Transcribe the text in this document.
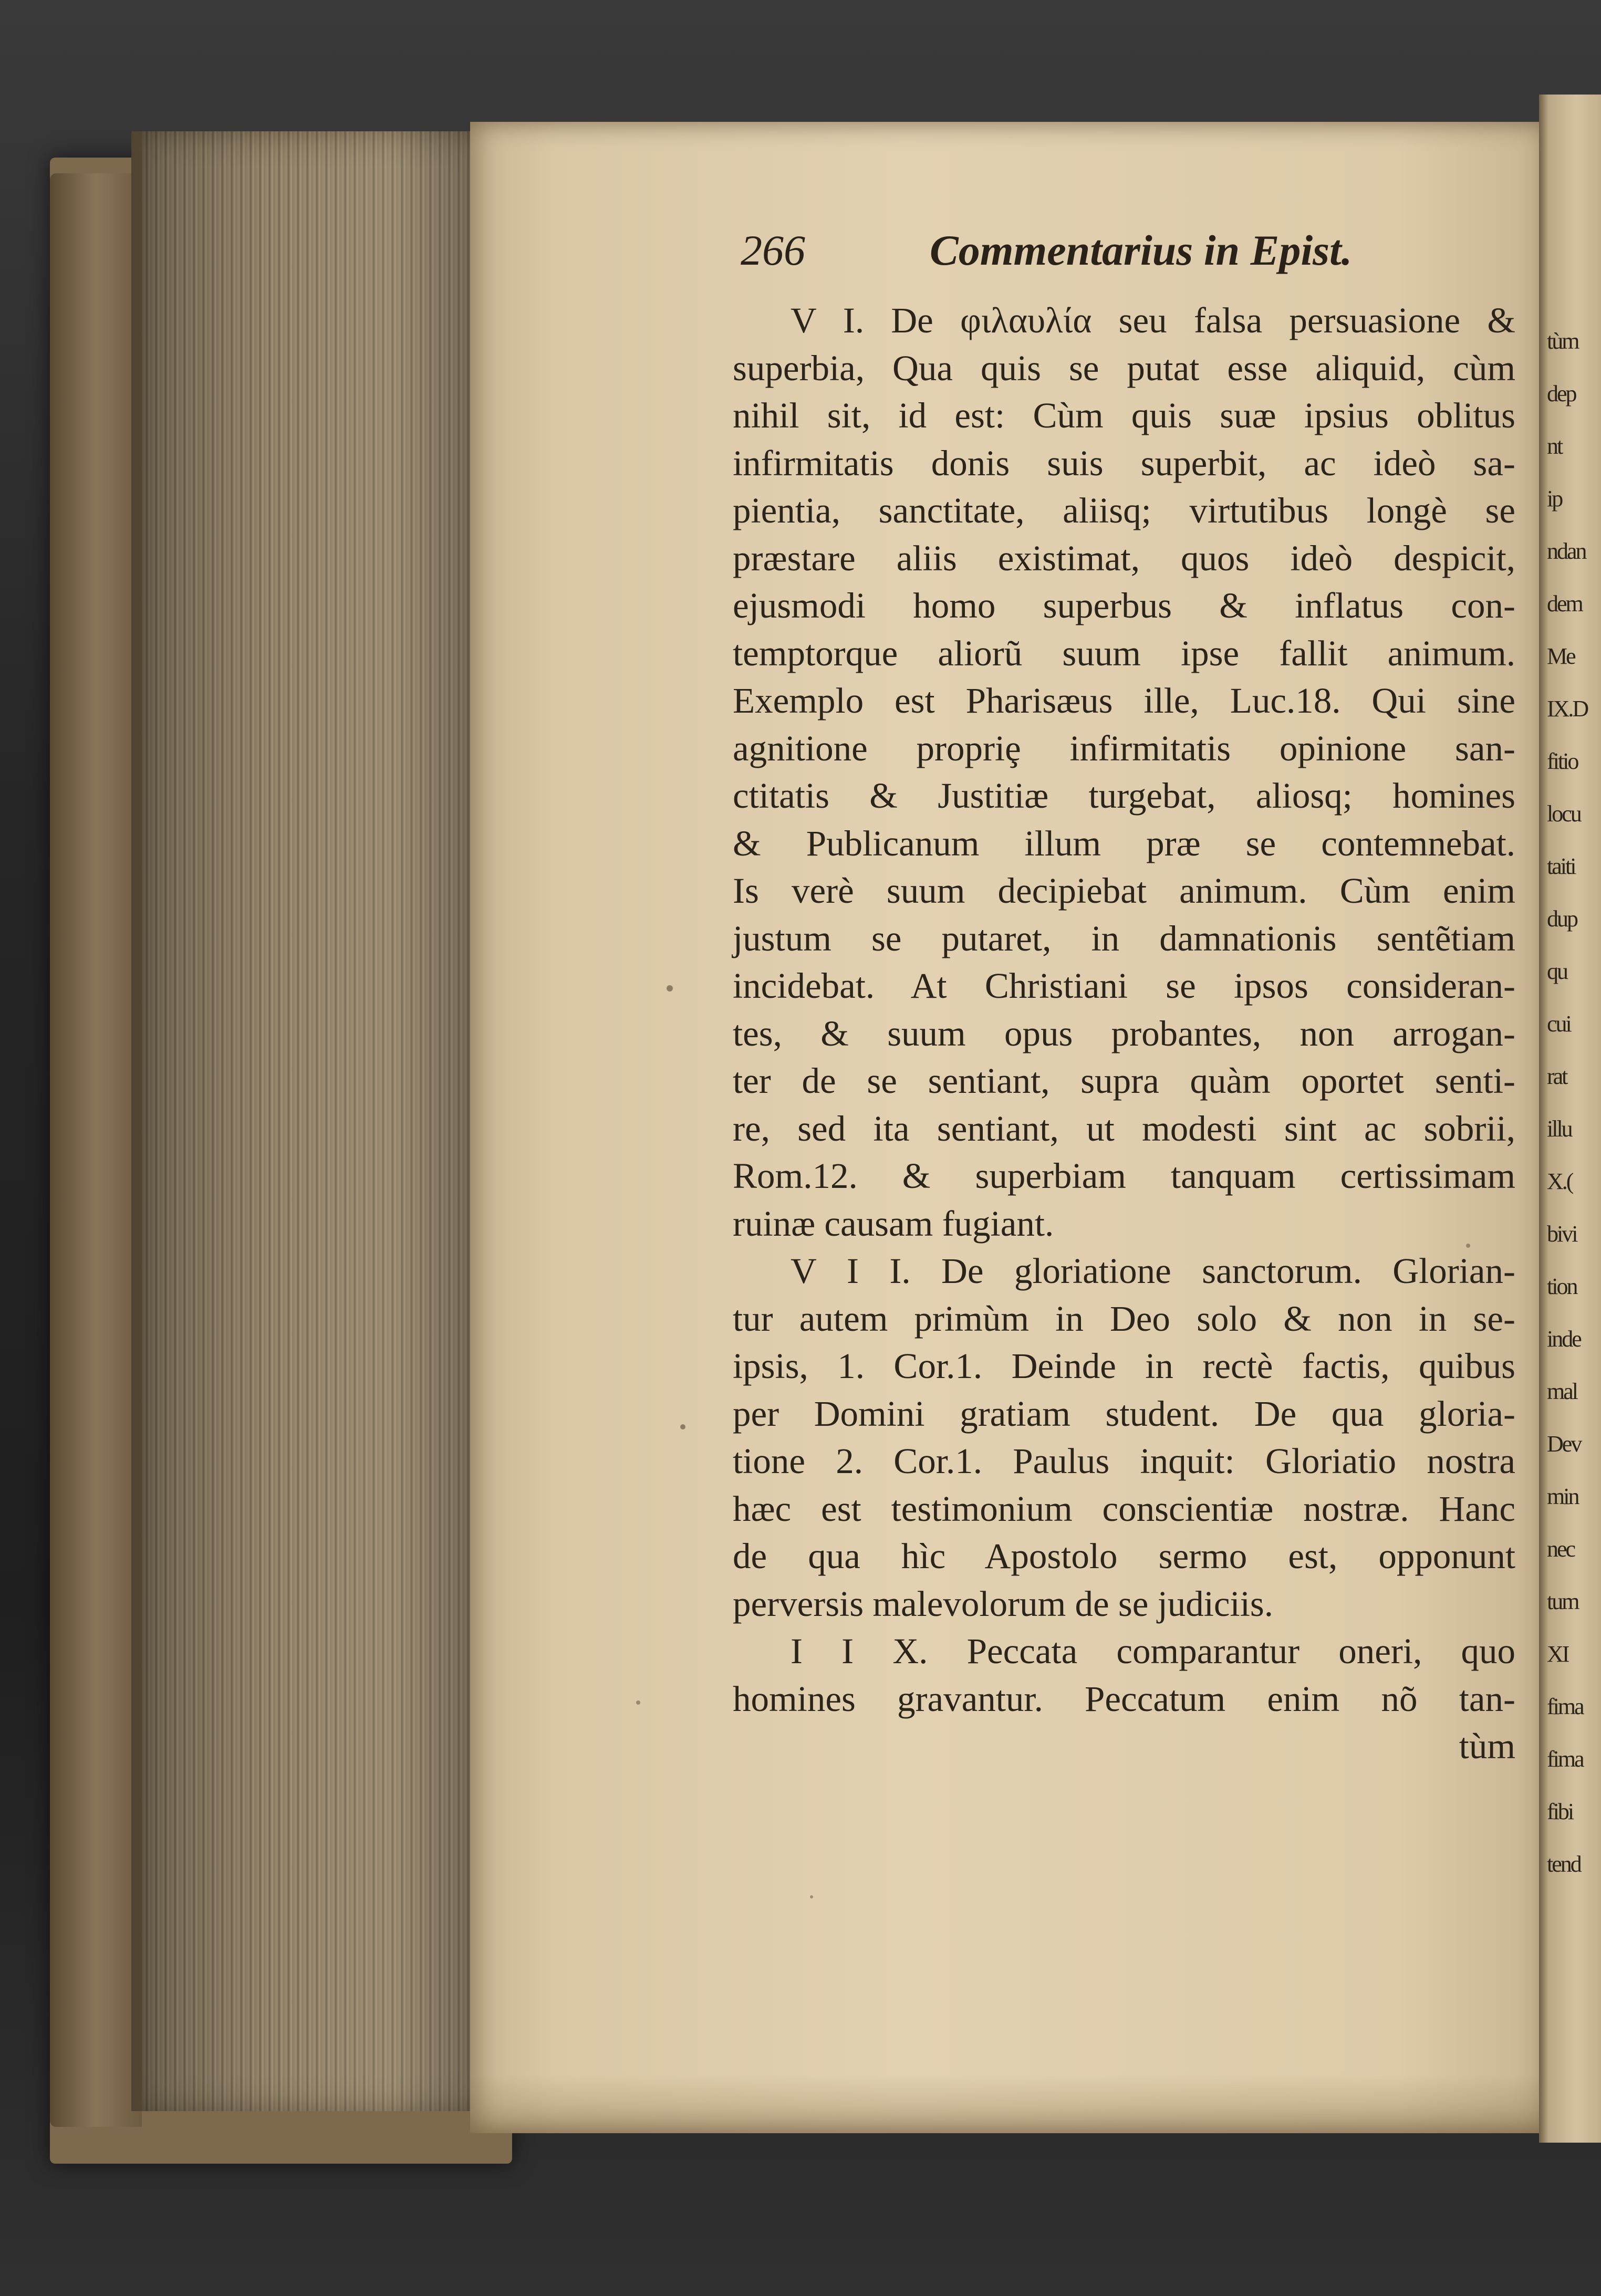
tùm
dep
nt
ip
ndan
dem
Me
IX.D
fitio
locu
taiti
dup
qu
cui
rat
illu
X.(
bivi
tion
inde
mal
Dev
min
nec
tum
XI
fima
fima
fibi
tend
266	Commentarius in Epist.
V I. De φιλαυλία seu falsa persuasione &
superbia, Qua quis se putat esse aliquid, cùm
nihil sit, id est: Cùm quis suæ ipsius oblitus
infirmitatis donis suis superbit, ac ideò sa-
pientia, sanctitate, aliisq; virtutibus longè se
præstare aliis existimat, quos ideò despicit,
ejusmodi homo superbus & inflatus con-
temptorque aliorũ suum ipse fallit animum.
Exemplo est Pharisæus ille, Luc.18. Qui sine
agnitione propriȩ infirmitatis opinione san-
ctitatis & Justitiæ turgebat, aliosq; homines
& Publicanum illum præ se contemnebat.
Is verè suum decipiebat animum. Cùm enim
justum se putaret, in damnationis sentẽtiam
incidebat. At Christiani se ipsos consideran-
tes, & suum opus probantes, non arrogan-
ter de se sentiant, supra quàm oportet senti-
re, sed ita sentiant, ut modesti sint ac sobrii,
Rom.12. & superbiam tanquam certissimam
ruinæ causam fugiant.
V I I. De gloriatione sanctorum. Glorian-
tur autem primùm in Deo solo & non in se-
ipsis, 1. Cor.1. Deinde in rectè factis, quibus
per Domini gratiam student. De qua gloria-
tione 2. Cor.1. Paulus inquit: Gloriatio nostra
hæc est testimonium conscientiæ nostræ. Hanc
de qua hìc Apostolo sermo est, opponunt
perversis malevolorum de se judiciis.
I I X. Peccata comparantur oneri, quo
homines gravantur. Peccatum enim nõ tan-
tùm
